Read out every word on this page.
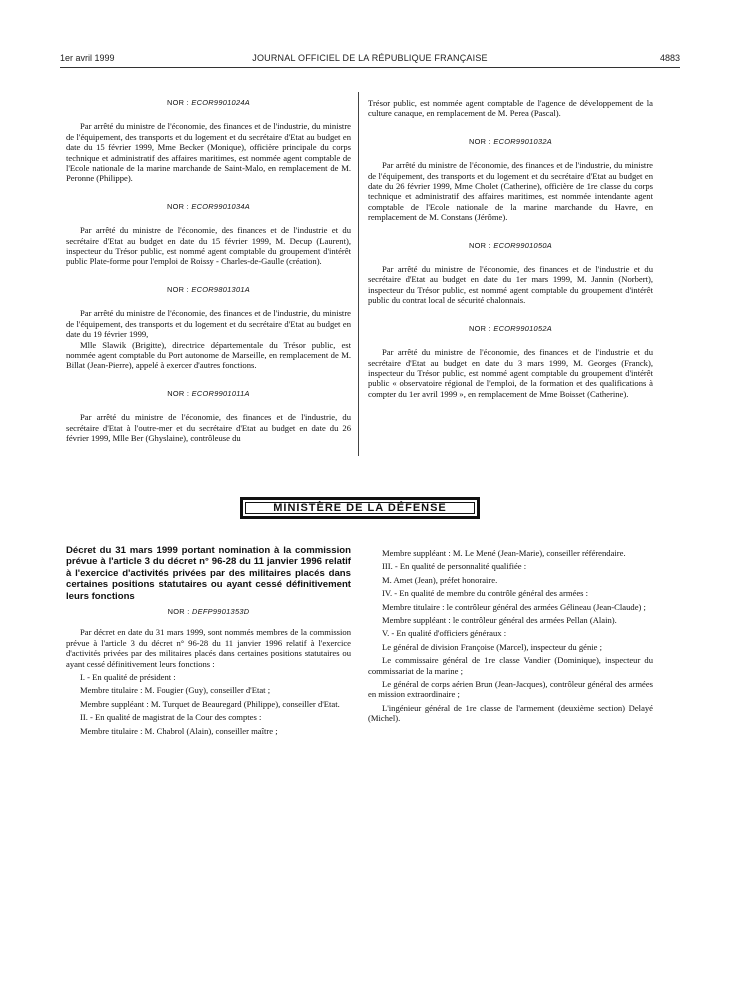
1er avril 1999	JOURNAL OFFICIEL DE LA RÉPUBLIQUE FRANÇAISE	4883
NOR : ECOR9901024A

Par arrêté du ministre de l'économie, des finances et de l'industrie, du ministre de l'équipement, des transports et du logement et du secrétaire d'Etat au budget en date du 15 février 1999, Mme Becker (Monique), officière principale du corps technique et administratif des affaires maritimes, est nommée agent comptable de l'Ecole nationale de la marine marchande de Saint-Malo, en remplacement de M. Peronne (Philippe).

NOR : ECOR9901034A

Par arrêté du ministre de l'économie, des finances et de l'industrie et du secrétaire d'Etat au budget en date du 15 février 1999, M. Decup (Laurent), inspecteur du Trésor public, est nommé agent comptable du groupement d'intérêt public Plate-forme pour l'emploi de Roissy - Charles-de-Gaulle (création).

NOR : ECOR9801301A

Par arrêté du ministre de l'économie, des finances et de l'industrie, du ministre de l'équipement, des transports et du logement et du secrétaire d'Etat au budget en date du 19 février 1999,

Mlle Slawik (Brigitte), directrice départementale du Trésor public, est nommée agent comptable du Port autonome de Marseille, en remplacement de M. Billat (Jean-Pierre), appelé à exercer d'autres fonctions.

NOR : ECOR9901011A

Par arrêté du ministre de l'économie, des finances et de l'industrie, du secrétaire d'Etat à l'outre-mer et du secrétaire d'Etat au budget en date du 26 février 1999, Mlle Ber (Ghyslaine), contrôleuse du

Trésor public, est nommée agent comptable de l'agence de développement de la culture canaque, en remplacement de M. Perea (Pascal).

NOR : ECOR9901032A

Par arrêté du ministre de l'économie, des finances et de l'industrie, du ministre de l'équipement, des transports et du logement et du secrétaire d'Etat au budget en date du 26 février 1999, Mme Cholet (Catherine), officière de 1re classe du corps technique et administratif des affaires maritimes, est nommée intendante agent comptable de l'Ecole nationale de la marine marchande du Havre, en remplacement de M. Constans (Jérôme).

NOR : ECOR9901050A

Par arrêté du ministre de l'économie, des finances et de l'industrie et du secrétaire d'Etat au budget en date du 1er mars 1999, M. Jannin (Norbert), inspecteur du Trésor public, est nommé agent comptable du groupement d'intérêt public du contrat local de sécurité chalonnais.

NOR : ECOR9901052A

Par arrêté du ministre de l'économie, des finances et de l'industrie et du secrétaire d'Etat au budget en date du 3 mars 1999, M. Georges (Franck), inspecteur du Trésor public, est nommé agent comptable du groupement d'intérêt public « observatoire régional de l'emploi, de la formation et des qualifications à compter du 1er avril 1999 », en remplacement de Mme Boisset (Catherine).

MINISTÈRE DE LA DÉFENSE
Décret du 31 mars 1999 portant nomination à la commission prévue à l'article 3 du décret n° 96-28 du 11 janvier 1996 relatif à l'exercice d'activités privées par des militaires placés dans certaines positions statutaires ou ayant cessé définitivement leurs fonctions
NOR : DEFP9901353D

Par décret en date du 31 mars 1999, sont nommés membres de la commission prévue à l'article 3 du décret n° 96-28 du 11 janvier 1996 relatif à l'exercice d'activités privées par des militaires placés dans certaines positions statutaires ou ayant cessé définitivement leurs fonctions :

I. - En qualité de président :

Membre titulaire : M. Fougier (Guy), conseiller d'Etat ;

Membre suppléant : M. Turquet de Beauregard (Philippe), conseiller d'Etat.

II. - En qualité de magistrat de la Cour des comptes :

Membre titulaire : M. Chabrol (Alain), conseiller maître ;

Membre suppléant : M. Le Mené (Jean-Marie), conseiller référendaire.

III. - En qualité de personnalité qualifiée :

M. Amet (Jean), préfet honoraire.

IV. - En qualité de membre du contrôle général des armées :

Membre titulaire : le contrôleur général des armées Gélineau (Jean-Claude) ;

Membre suppléant : le contrôleur général des armées Pellan (Alain).

V. - En qualité d'officiers généraux :

Le général de division Françoise (Marcel), inspecteur du génie ;

Le commissaire général de 1re classe Vandier (Dominique), inspecteur du commissariat de la marine ;

Le général de corps aérien Brun (Jean-Jacques), contrôleur général des armées en mission extraordinaire ;

L'ingénieur général de 1re classe de l'armement (deuxième section) Delayé (Michel).
